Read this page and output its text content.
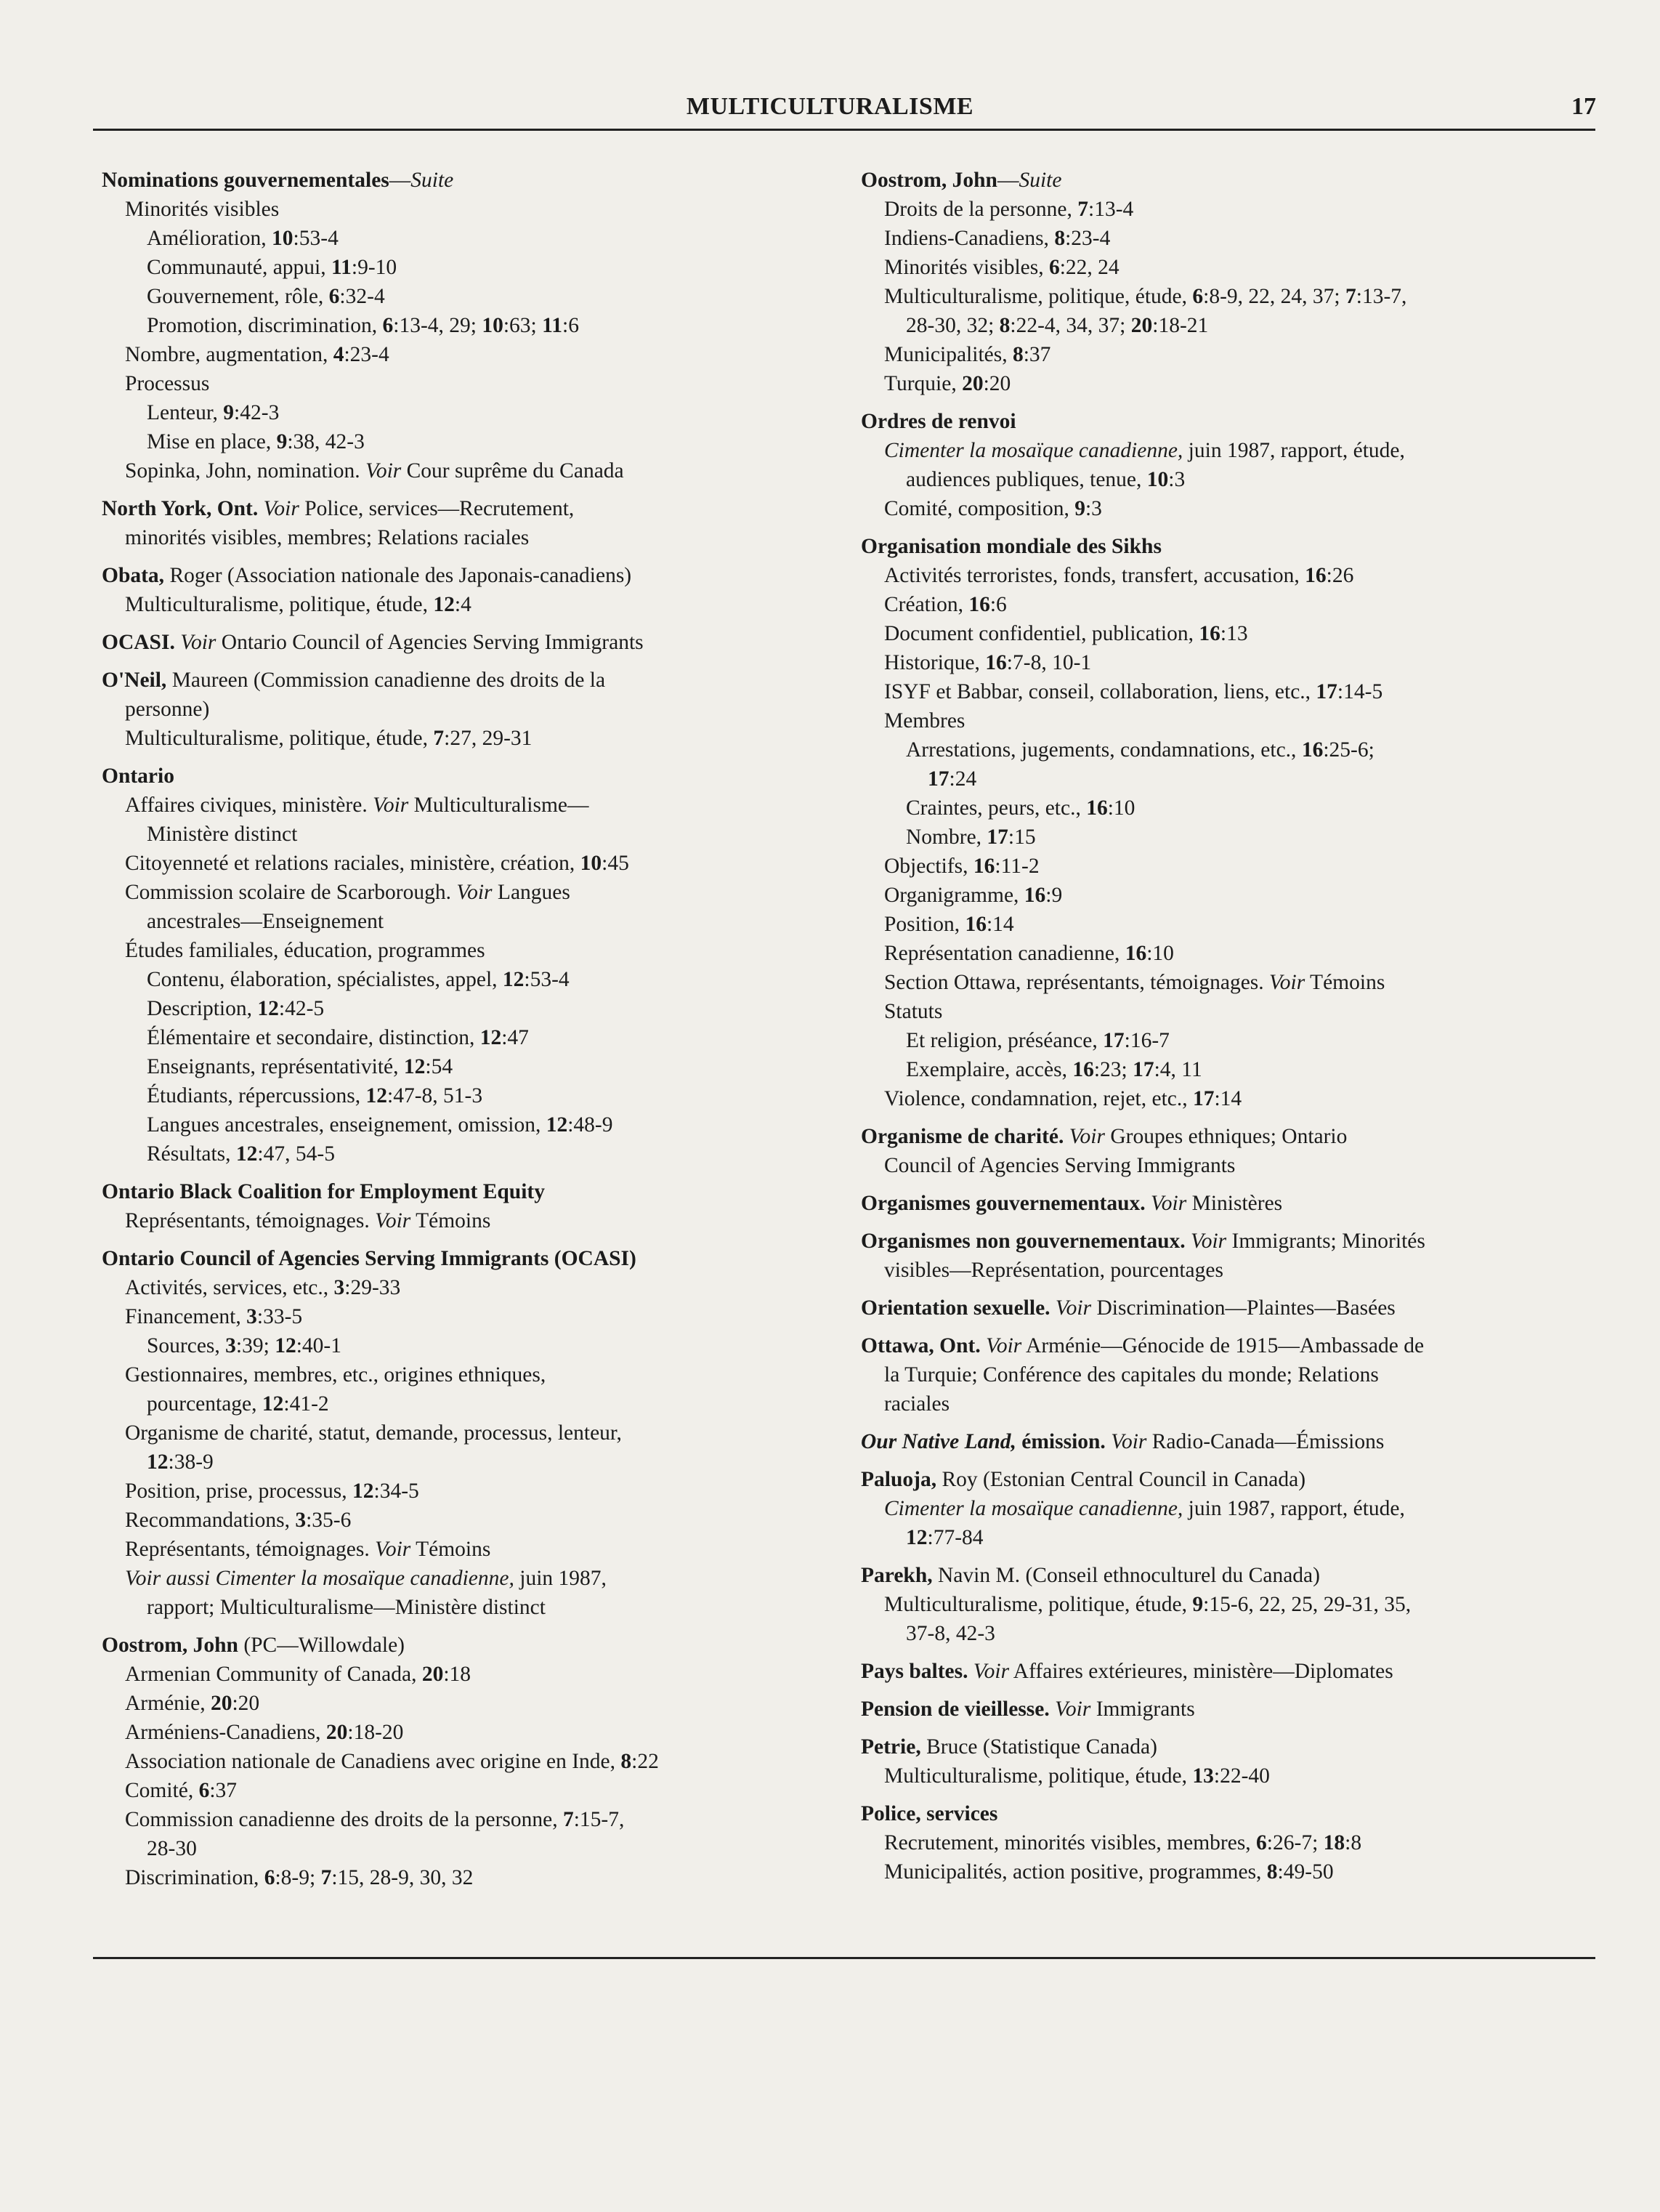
MULTICULTURALISME	17
Nominations gouvernementales—Suite
Minorités visibles
Amélioration, 10:53-4
Communauté, appui, 11:9-10
Gouvernement, rôle, 6:32-4
Promotion, discrimination, 6:13-4, 29; 10:63; 11:6
Nombre, augmentation, 4:23-4
Processus
Lenteur, 9:42-3
Mise en place, 9:38, 42-3
Sopinka, John, nomination. Voir Cour suprême du Canada
North York, Ont. Voir Police, services—Recrutement,
minorités visibles, membres; Relations raciales
Obata, Roger (Association nationale des Japonais-canadiens)
Multiculturalisme, politique, étude, 12:4
OCASI. Voir Ontario Council of Agencies Serving Immigrants
O'Neil, Maureen (Commission canadienne des droits de la
personne)
Multiculturalisme, politique, étude, 7:27, 29-31
Ontario
Affaires civiques, ministère. Voir Multiculturalisme—
Ministère distinct
Citoyenneté et relations raciales, ministère, création, 10:45
Commission scolaire de Scarborough. Voir Langues
ancestrales—Enseignement
Études familiales, éducation, programmes
Contenu, élaboration, spécialistes, appel, 12:53-4
Description, 12:42-5
Élémentaire et secondaire, distinction, 12:47
Enseignants, représentativité, 12:54
Étudiants, répercussions, 12:47-8, 51-3
Langues ancestrales, enseignement, omission, 12:48-9
Résultats, 12:47, 54-5
Ontario Black Coalition for Employment Equity
Représentants, témoignages. Voir Témoins
Ontario Council of Agencies Serving Immigrants (OCASI)
Activités, services, etc., 3:29-33
Financement, 3:33-5
Sources, 3:39; 12:40-1
Gestionnaires, membres, etc., origines ethniques,
pourcentage, 12:41-2
Organisme de charité, statut, demande, processus, lenteur,
12:38-9
Position, prise, processus, 12:34-5
Recommandations, 3:35-6
Représentants, témoignages. Voir Témoins
Voir aussi Cimenter la mosaïque canadienne, juin 1987,
rapport; Multiculturalisme—Ministère distinct
Oostrom, John (PC—Willowdale)
Armenian Community of Canada, 20:18
Arménie, 20:20
Arméniens-Canadiens, 20:18-20
Association nationale de Canadiens avec origine en Inde, 8:22
Comité, 6:37
Commission canadienne des droits de la personne, 7:15-7,
28-30
Discrimination, 6:8-9; 7:15, 28-9, 30, 32
Oostrom, John—Suite
Droits de la personne, 7:13-4
Indiens-Canadiens, 8:23-4
Minorités visibles, 6:22, 24
Multiculturalisme, politique, étude, 6:8-9, 22, 24, 37; 7:13-7,
28-30, 32; 8:22-4, 34, 37; 20:18-21
Municipalités, 8:37
Turquie, 20:20
Ordres de renvoi
Cimenter la mosaïque canadienne, juin 1987, rapport, étude,
audiences publiques, tenue, 10:3
Comité, composition, 9:3
Organisation mondiale des Sikhs
Activités terroristes, fonds, transfert, accusation, 16:26
Création, 16:6
Document confidentiel, publication, 16:13
Historique, 16:7-8, 10-1
ISYF et Babbar, conseil, collaboration, liens, etc., 17:14-5
Membres
Arrestations, jugements, condamnations, etc., 16:25-6;
17:24
Craintes, peurs, etc., 16:10
Nombre, 17:15
Objectifs, 16:11-2
Organigramme, 16:9
Position, 16:14
Représentation canadienne, 16:10
Section Ottawa, représentants, témoignages. Voir Témoins
Statuts
Et religion, préséance, 17:16-7
Exemplaire, accès, 16:23; 17:4, 11
Violence, condamnation, rejet, etc., 17:14
Organisme de charité. Voir Groupes ethniques; Ontario
Council of Agencies Serving Immigrants
Organismes gouvernementaux. Voir Ministères
Organismes non gouvernementaux. Voir Immigrants; Minorités
visibles—Représentation, pourcentages
Orientation sexuelle. Voir Discrimination—Plaintes—Basées
Ottawa, Ont. Voir Arménie—Génocide de 1915—Ambassade de
la Turquie; Conférence des capitales du monde; Relations
raciales
Our Native Land, émission. Voir Radio-Canada—Émissions
Paluoja, Roy (Estonian Central Council in Canada)
Cimenter la mosaïque canadienne, juin 1987, rapport, étude,
12:77-84
Parekh, Navin M. (Conseil ethnoculturel du Canada)
Multiculturalisme, politique, étude, 9:15-6, 22, 25, 29-31, 35,
37-8, 42-3
Pays baltes. Voir Affaires extérieures, ministère—Diplomates
Pension de vieillesse. Voir Immigrants
Petrie, Bruce (Statistique Canada)
Multiculturalisme, politique, étude, 13:22-40
Police, services
Recrutement, minorités visibles, membres, 6:26-7; 18:8
Municipalités, action positive, programmes, 8:49-50
